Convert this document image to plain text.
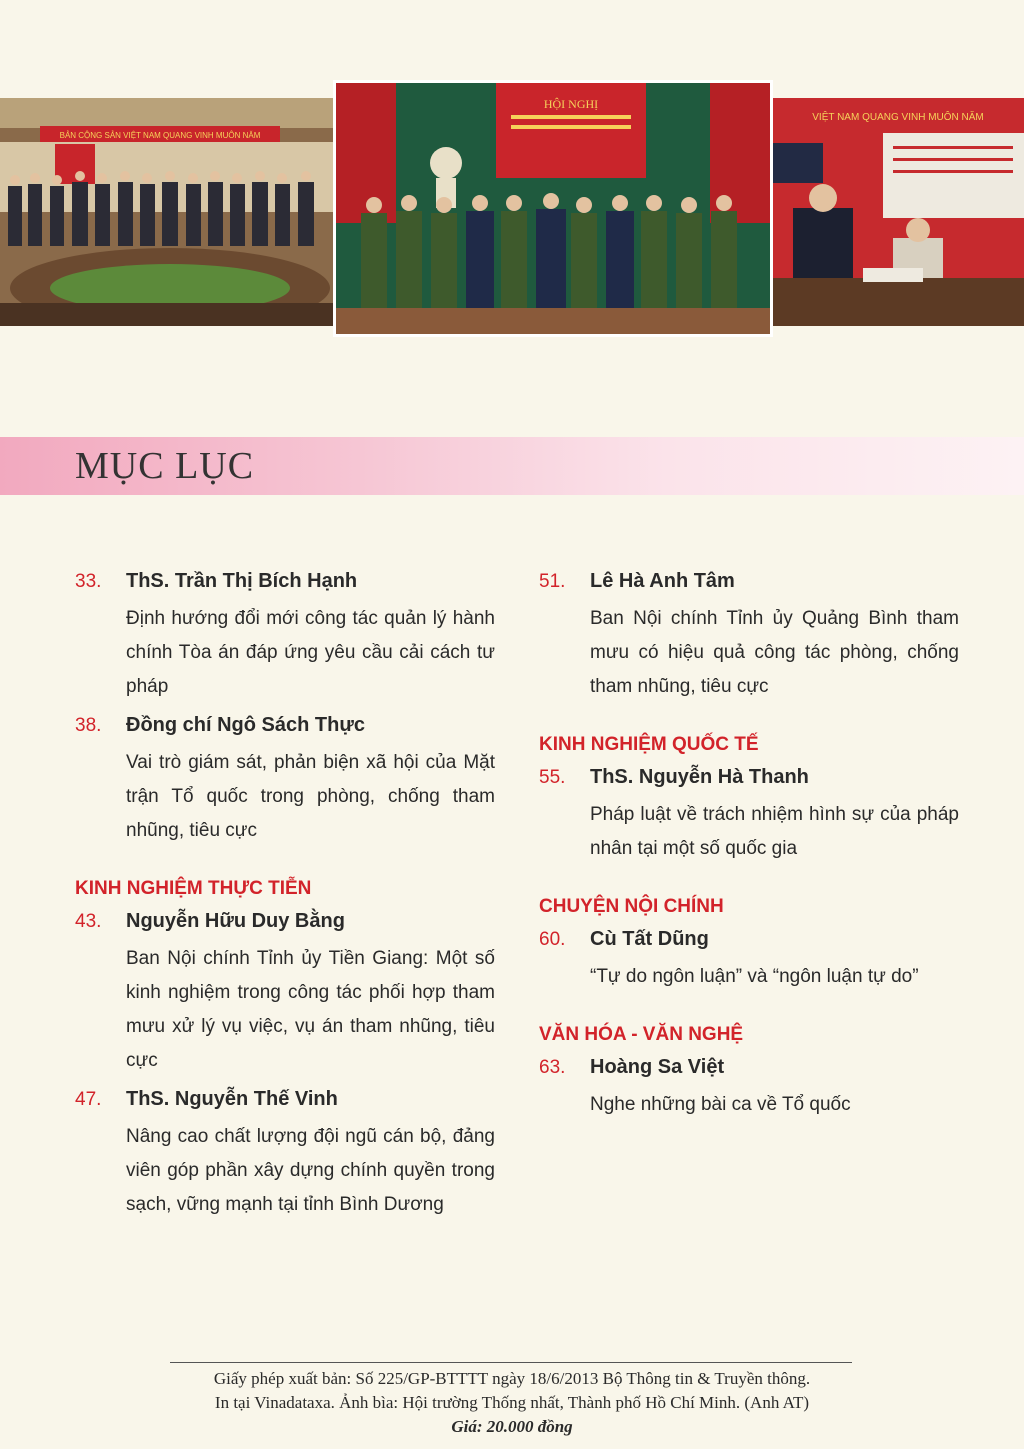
BẢN CỘNG SẢN VIỆT NAM QUANG VINH MUÔN NĂM
HỘI NGHỊ
VIỆT NAM QUANG VINH MUÔN NĂM
MỤC LỤC
33.	ThS. Trần Thị Bích Hạnh
Định hướng đổi mới công tác quản lý hành chính Tòa án đáp ứng yêu cầu cải cách tư pháp
38.	Đồng chí Ngô Sách Thực
Vai trò giám sát, phản biện xã hội của Mặt trận Tổ quốc trong phòng, chống tham nhũng, tiêu cực
KINH NGHIỆM THỰC TIỄN
43.	Nguyễn Hữu Duy Bằng
Ban Nội chính Tỉnh ủy Tiền Giang: Một số kinh nghiệm trong công tác phối hợp tham mưu xử lý vụ việc, vụ án tham nhũng, tiêu cực
47.	ThS. Nguyễn Thế Vinh
Nâng cao chất lượng đội ngũ cán bộ, đảng viên góp phần xây dựng chính quyền trong sạch, vững mạnh tại tỉnh Bình Dương
51.	Lê Hà Anh Tâm
Ban Nội chính Tỉnh ủy Quảng Bình tham mưu có hiệu quả công tác phòng, chống tham nhũng, tiêu cực
KINH NGHIỆM QUỐC TẾ
55.	ThS. Nguyễn Hà Thanh
Pháp luật về trách nhiệm hình sự của pháp nhân tại một số quốc gia
CHUYỆN NỘI CHÍNH
60.	Cù Tất Dũng
“Tự do ngôn luận” và “ngôn luận tự do”
VĂN HÓA - VĂN NGHỆ
63.	Hoàng Sa Việt
Nghe những bài ca về Tổ quốc
Giấy phép xuất bản: Số 225/GP-BTTTT ngày 18/6/2013 Bộ Thông tin & Truyền thông.
In tại Vinadataxa. Ảnh bìa: Hội trường Thống nhất, Thành phố Hồ Chí Minh. (Anh AT)
Giá: 20.000 đồng
